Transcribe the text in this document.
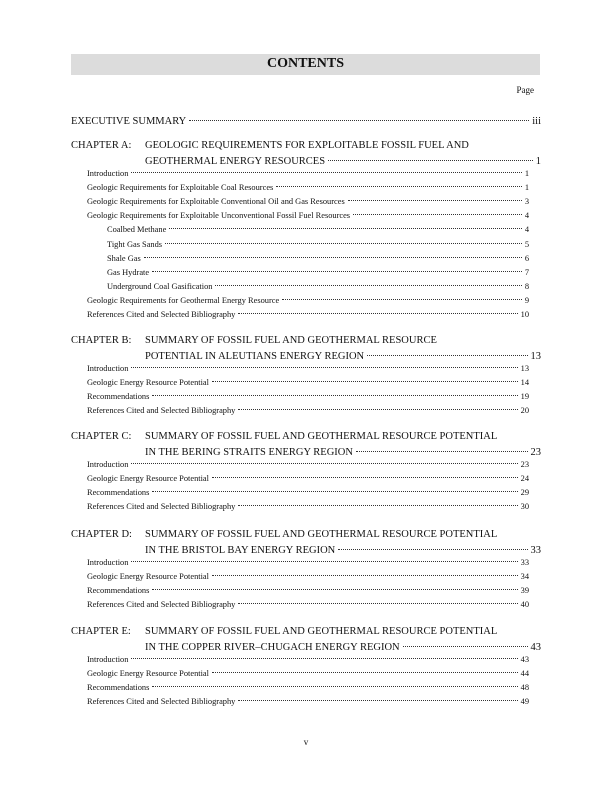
CONTENTS
Page
EXECUTIVE SUMMARY	iii
CHAPTER A: GEOLOGIC REQUIREMENTS FOR EXPLOITABLE FOSSIL FUEL AND
GEOTHERMAL ENERGY RESOURCES	1
Introduction	1
Geologic Requirements for Exploitable Coal Resources	1
Geologic Requirements for Exploitable Conventional Oil and Gas Resources	3
Geologic Requirements for Exploitable Unconventional Fossil Fuel Resources	4
Coalbed Methane	4
Tight Gas Sands	5
Shale Gas	6
Gas Hydrate	7
Underground Coal Gasification	8
Geologic Requirements for Geothermal Energy Resource	9
References Cited and Selected Bibliography	10
CHAPTER B: SUMMARY OF FOSSIL FUEL AND GEOTHERMAL RESOURCE
POTENTIAL IN ALEUTIANS ENERGY REGION	13
Introduction	13
Geologic Energy Resource Potential	14
Recommendations	19
References Cited and Selected Bibliography	20
CHAPTER C: SUMMARY OF FOSSIL FUEL AND GEOTHERMAL RESOURCE POTENTIAL
IN THE BERING STRAITS ENERGY REGION	23
Introduction	23
Geologic Energy Resource Potential	24
Recommendations	29
References Cited and Selected Bibliography	30
CHAPTER D: SUMMARY OF FOSSIL FUEL AND GEOTHERMAL RESOURCE POTENTIAL
IN THE BRISTOL BAY ENERGY REGION	33
Introduction	33
Geologic Energy Resource Potential	34
Recommendations	39
References Cited and Selected Bibliography	40
CHAPTER E: SUMMARY OF FOSSIL FUEL AND GEOTHERMAL RESOURCE POTENTIAL
IN THE COPPER RIVER–CHUGACH ENERGY REGION	43
Introduction	43
Geologic Energy Resource Potential	44
Recommendations	48
References Cited and Selected Bibliography	49
v
